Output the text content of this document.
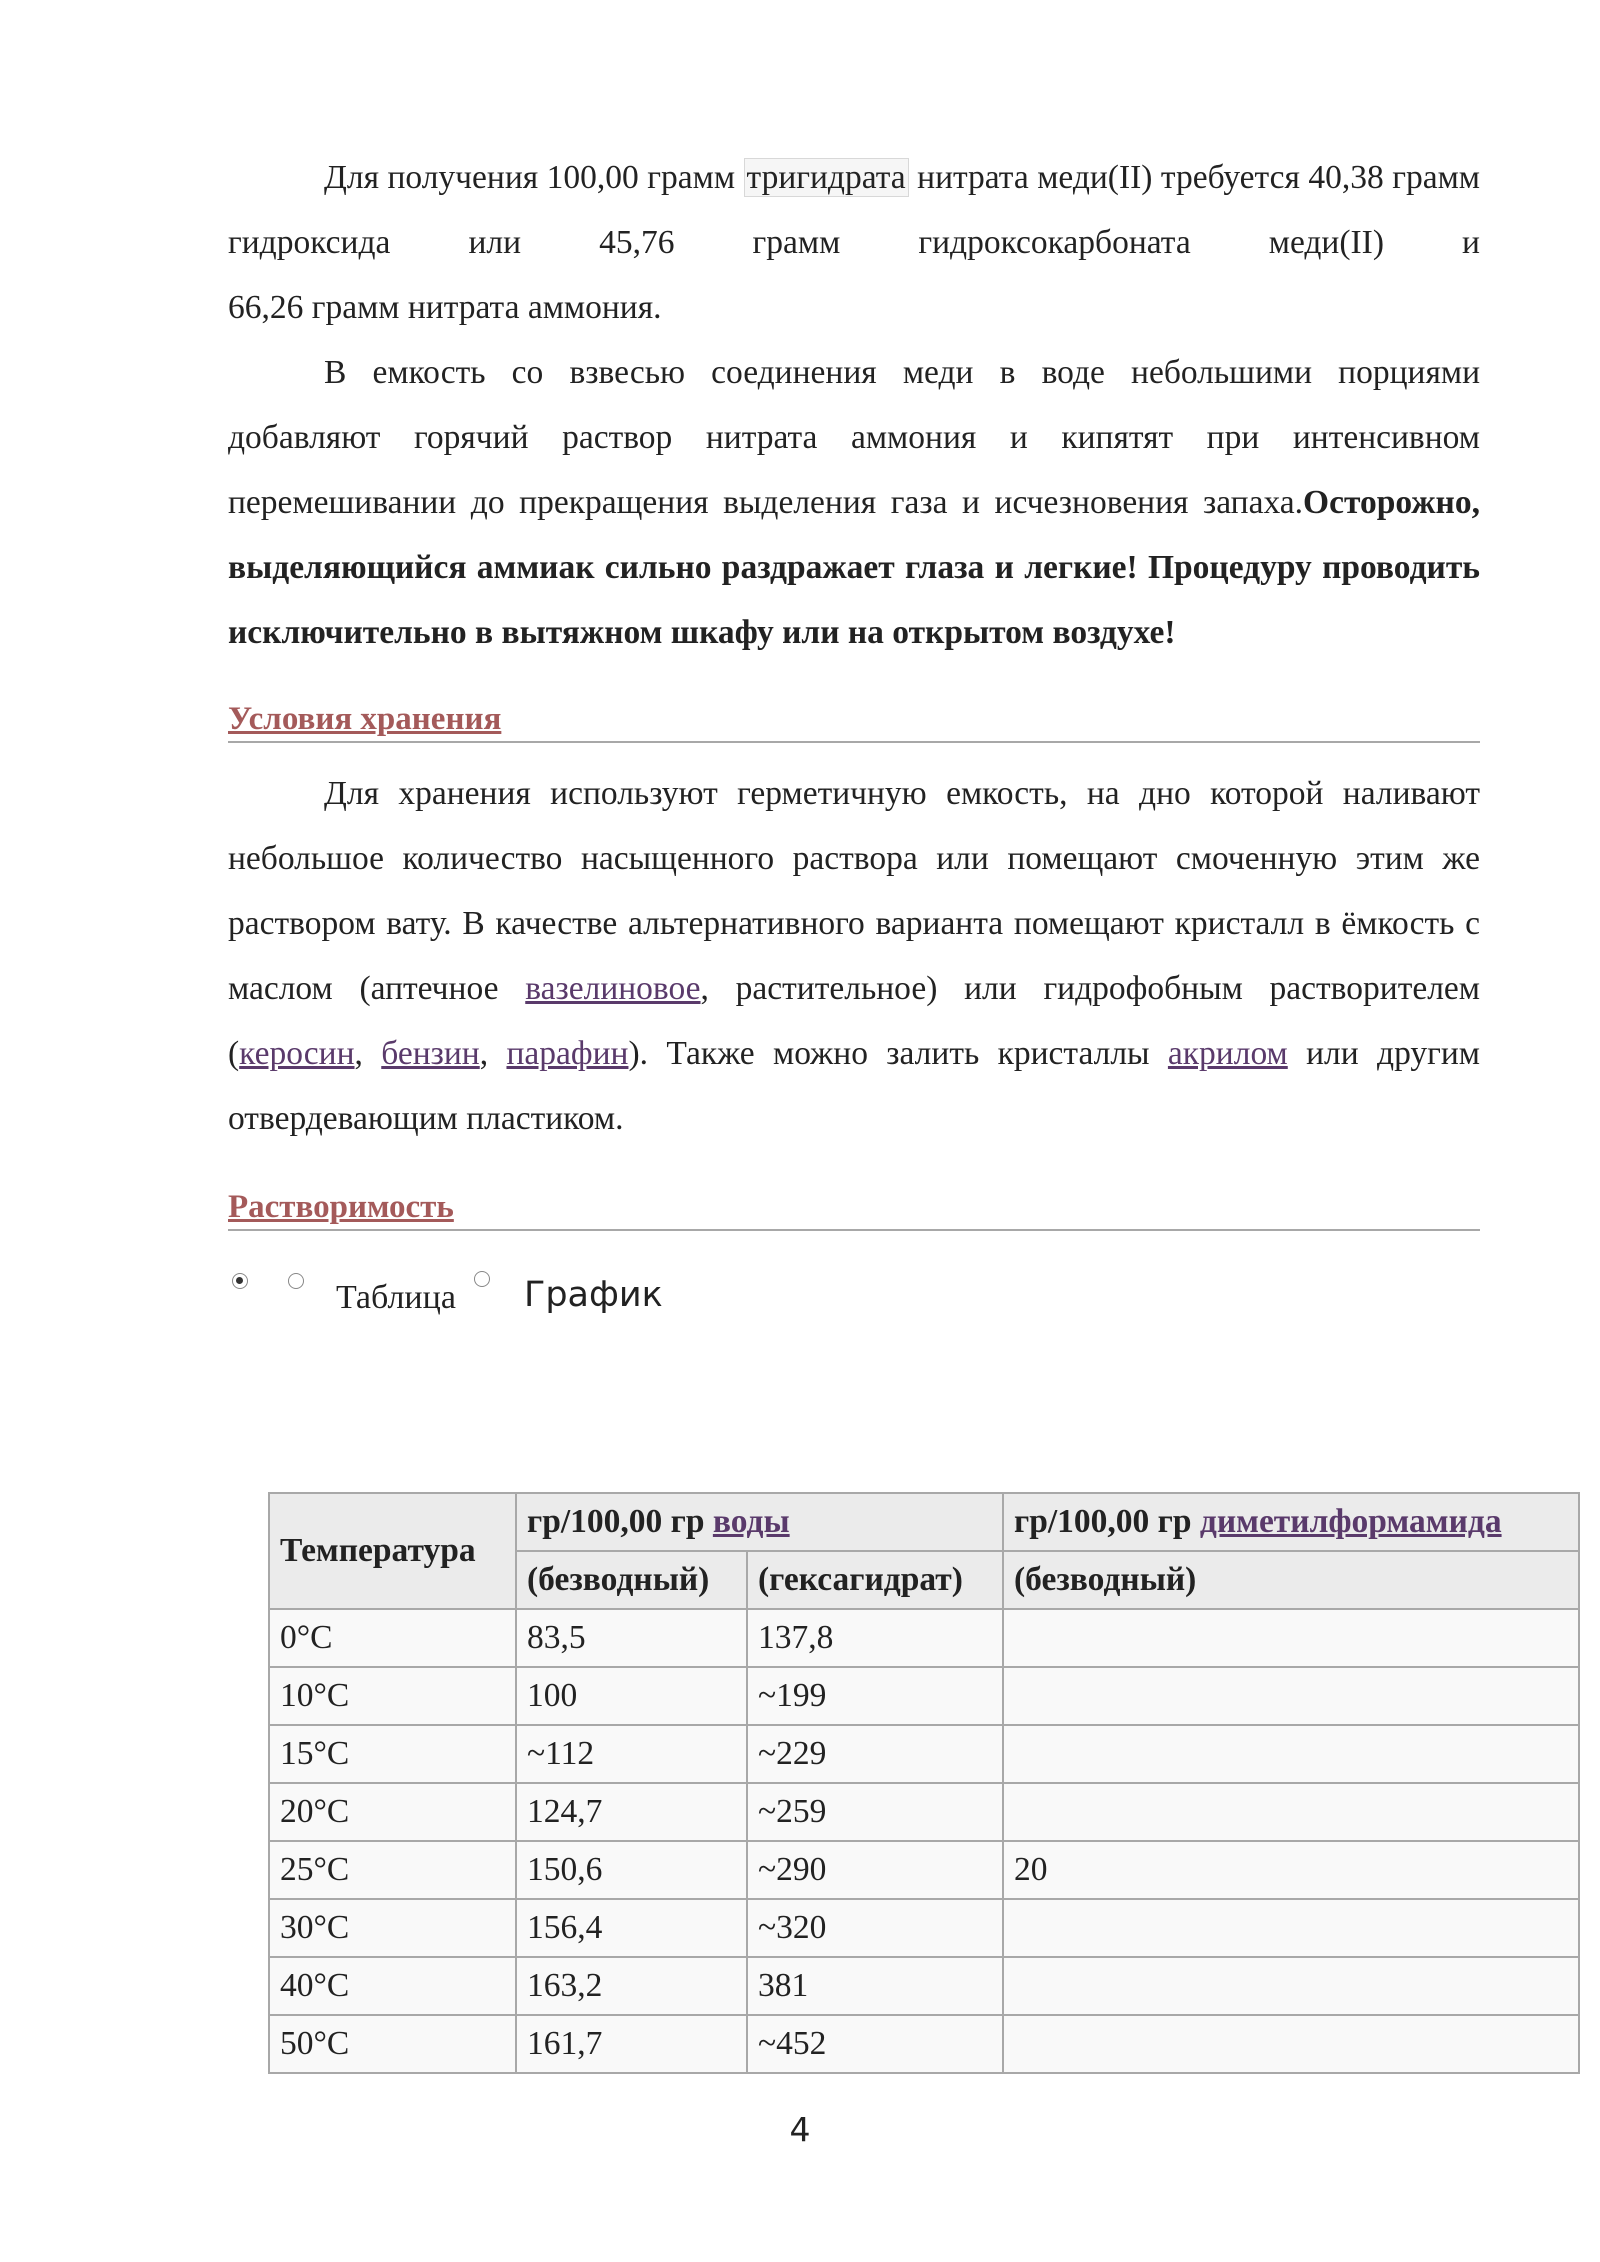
Для получения 100,00 грамм тригидрата нитрата меди(II) требуется 40,38 грамм гидроксида или 45,76 грамм гидроксокарбоната меди(II) и

66,26 грамм нитрата аммония.

В емкость со взвесью соединения меди в воде небольшими порциями добавляют горячий раствор нитрата аммония и кипятят при интенсивном перемешивании до прекращения выделения газа и исчезновения запаха.Осторожно, выделяющийся аммиак сильно раздражает глаза и легкие! Процедуру проводить исключительно в вытяжном шкафу или на открытом воздухе!

Условия хранения

Для хранения используют герметичную емкость, на дно которой наливают небольшое количество насыщенного раствора или помещают смоченную этим же раствором вату. В качестве альтернативного варианта помещают кристалл в ёмкость с маслом (аптечное вазелиновое, растительное) или гидрофобным растворителем (керосин, бензин, парафин). Также можно залить кристаллы акрилом или другим отвердевающим пластиком.

Растворимость
Таблица График
Температура	гр/100,00 гр воды		гр/100,00 гр диметилформамида
	(безводный)	(гексагидрат)	(безводный)
0°C	83,5	137,8	
10°C	100	~199	
15°C	~112	~229	
20°C	124,7	~259	
25°C	150,6	~290	20
30°C	156,4	~320	
40°C	163,2	381	
50°C	161,7	~452	
4
